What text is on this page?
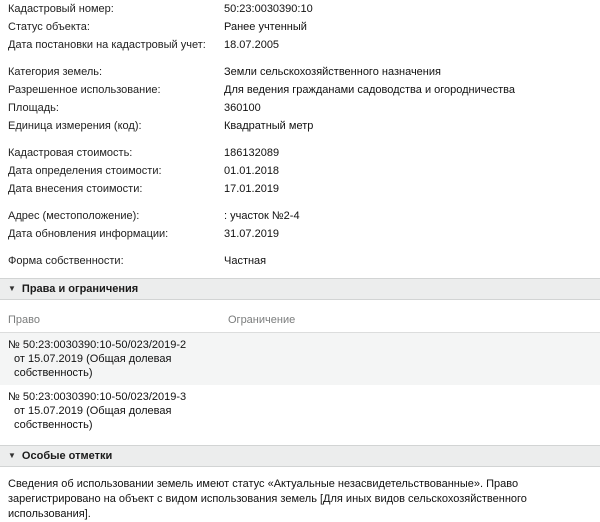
Кадастровый номер:	50:23:0030390:10
Статус объекта:	Ранее учтенный
Дата постановки на кадастровый учет:	18.07.2005
Категория земель:	Земли сельскохозяйственного назначения
Разрешенное использование:	Для ведения гражданами садоводства и огородничества
Площадь:	360100
Единица измерения (код):	Квадратный метр
Кадастровая стоимость:	186132089
Дата определения стоимости:	01.01.2018
Дата внесения стоимости:	17.01.2019
Адрес (местоположение):	: участок №2-4
Дата обновления информации:	31.07.2019
Форма собственности:	Частная
▼ Права и ограничения
Право	Ограничение
№ 50:23:0030390:10-50/023/2019-2
от 15.07.2019 (Общая долевая
собственность)	

№ 50:23:0030390:10-50/023/2019-3
от 15.07.2019 (Общая долевая
собственность)	

▼ Особые отметки
Сведения об использовании земель имеют статус «Актуальные незасвидетельствованные». Право зарегистрировано на объект с видом использования земель [Для иных видов сельскохозяйственного использования].
